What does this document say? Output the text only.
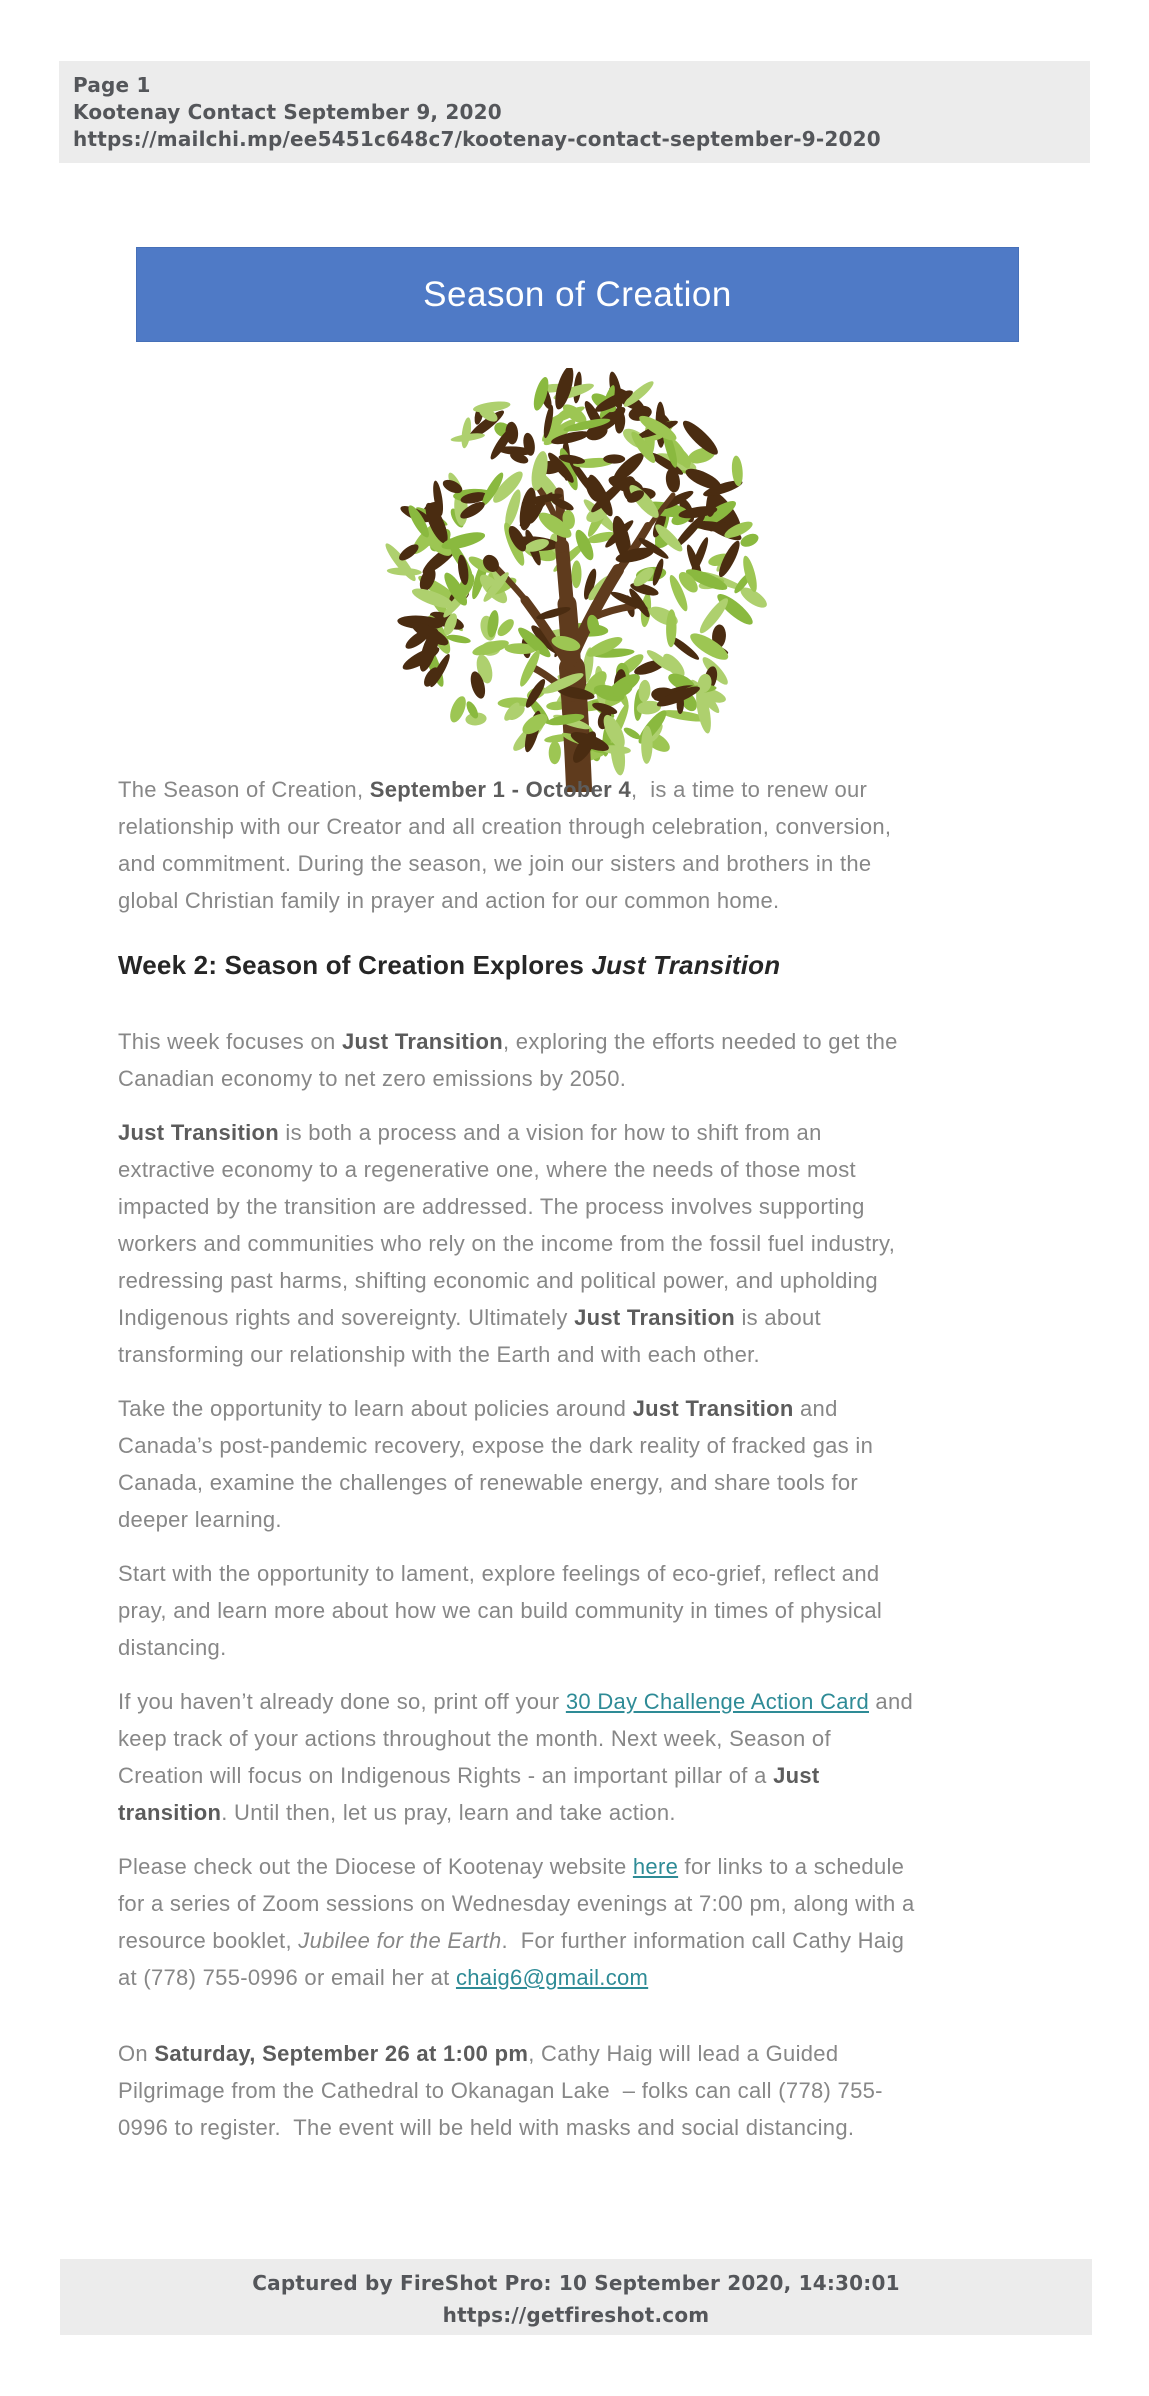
Page 1
Kootenay Contact September 9, 2020
https://mailchi.mp/ee5451c648c7/kootenay-contact-september-9-2020
Season of Creation

The Season of Creation, September 1 - October 4,  is a time to renew our
relationship with our Creator and all creation through celebration, conversion,
and commitment. During the season, we join our sisters and brothers in the
global Christian family in prayer and action for our common home.

Week 2: Season of Creation Explores Just Transition

This week focuses on Just Transition, exploring the efforts needed to get the
Canadian economy to net zero emissions by 2050.

Just Transition is both a process and a vision for how to shift from an
extractive economy to a regenerative one, where the needs of those most
impacted by the transition are addressed. The process involves supporting
workers and communities who rely on the income from the fossil fuel industry,
redressing past harms, shifting economic and political power, and upholding
Indigenous rights and sovereignty. Ultimately Just Transition is about
transforming our relationship with the Earth and with each other.

Take the opportunity to learn about policies around Just Transition and
Canada’s post-pandemic recovery, expose the dark reality of fracked gas in
Canada, examine the challenges of renewable energy, and share tools for
deeper learning.

Start with the opportunity to lament, explore feelings of eco-grief, reflect and
pray, and learn more about how we can build community in times of physical
distancing.

If you haven’t already done so, print off your 30 Day Challenge Action Card and
keep track of your actions throughout the month. Next week, Season of
Creation will focus on Indigenous Rights - an important pillar of a Just
transition. Until then, let us pray, learn and take action.

Please check out the Diocese of Kootenay website here for links to a schedule
for a series of Zoom sessions on Wednesday evenings at 7:00 pm, along with a
resource booklet, Jubilee for the Earth.  For further information call Cathy Haig
at (778) 755-0996 or email her at chaig6@gmail.com

On Saturday, September 26 at 1:00 pm, Cathy Haig will lead a Guided
Pilgrimage from the Cathedral to Okanagan Lake  – folks can call (778) 755-
0996 to register.  The event will be held with masks and social distancing.

Captured by FireShot Pro: 10 September 2020, 14:30:01
https://getfireshot.com
